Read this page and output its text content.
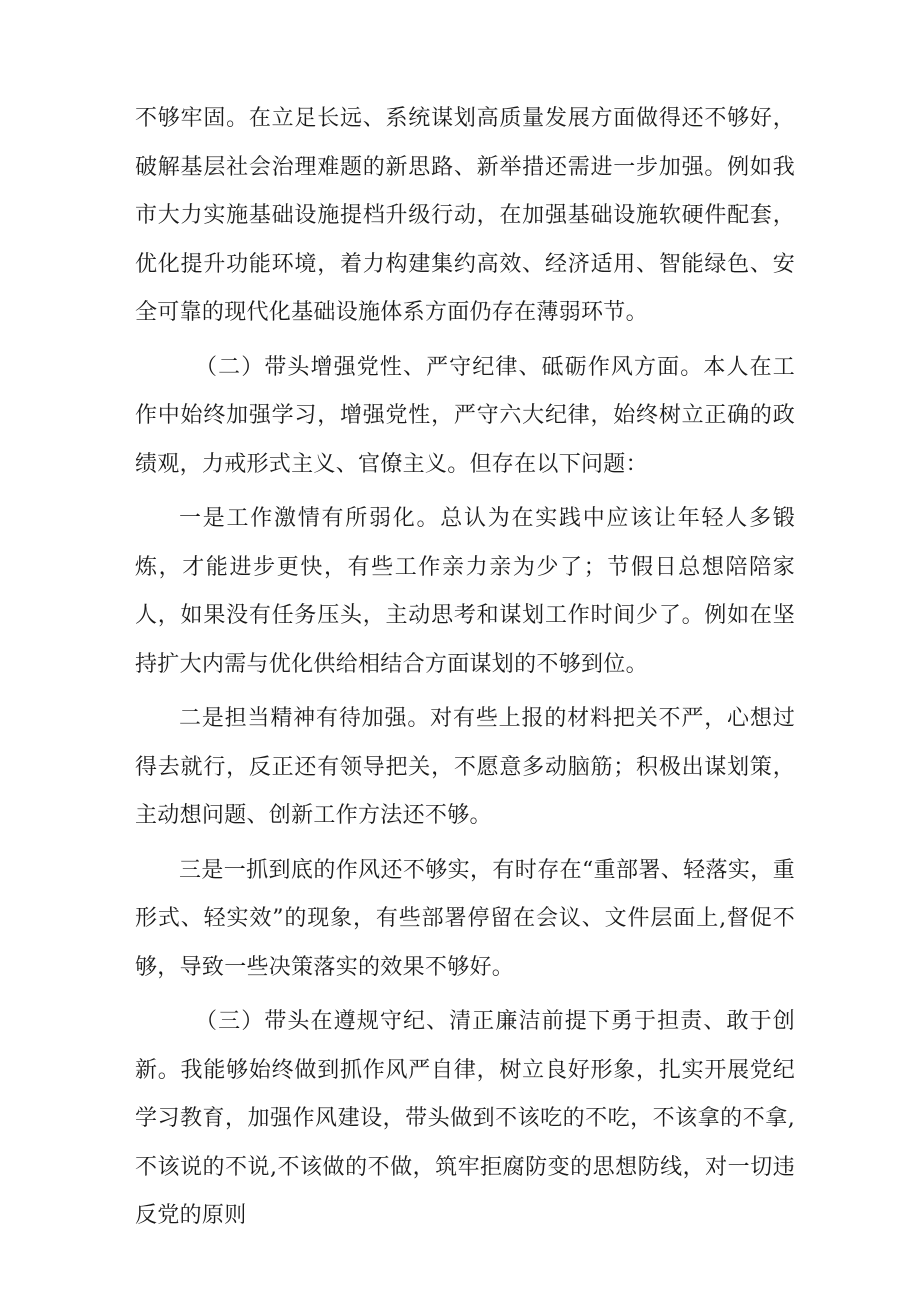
不够牢固。在立足长远、系统谋划高质量发展方面做得还不够好，破解基层社会治理难题的新思路、新举措还需进一步加强。例如我市大力实施基础设施提档升级行动，在加强基础设施软硬件配套，优化提升功能环境，着力构建集约高效、经济适用、智能绿色、安全可靠的现代化基础设施体系方面仍存在薄弱环节。

（二）带头增强党性、严守纪律、砥砺作风方面。本人在工作中始终加强学习，增强党性，严守六大纪律，始终树立正确的政绩观，力戒形式主义、官僚主义。但存在以下问题：

一是工作激情有所弱化。总认为在实践中应该让年轻人多锻炼，才能进步更快，有些工作亲力亲为少了；节假日总想陪陪家人，如果没有任务压头，主动思考和谋划工作时间少了。例如在坚持扩大内需与优化供给相结合方面谋划的不够到位。

二是担当精神有待加强。对有些上报的材料把关不严，心想过得去就行，反正还有领导把关，不愿意多动脑筋；积极出谋划策，主动想问题、创新工作方法还不够。

三是一抓到底的作风还不够实，有时存在“重部署、轻落实，重形式、轻实效”的现象，有些部署停留在会议、文件层面上,督促不够，导致一些决策落实的效果不够好。

（三）带头在遵规守纪、清正廉洁前提下勇于担责、敢于创新。我能够始终做到抓作风严自律，树立良好形象，扎实开展党纪学习教育，加强作风建设，带头做到不该吃的不吃，不该拿的不拿,不该说的不说,不该做的不做，筑牢拒腐防变的思想防线，对一切违反党的原则
